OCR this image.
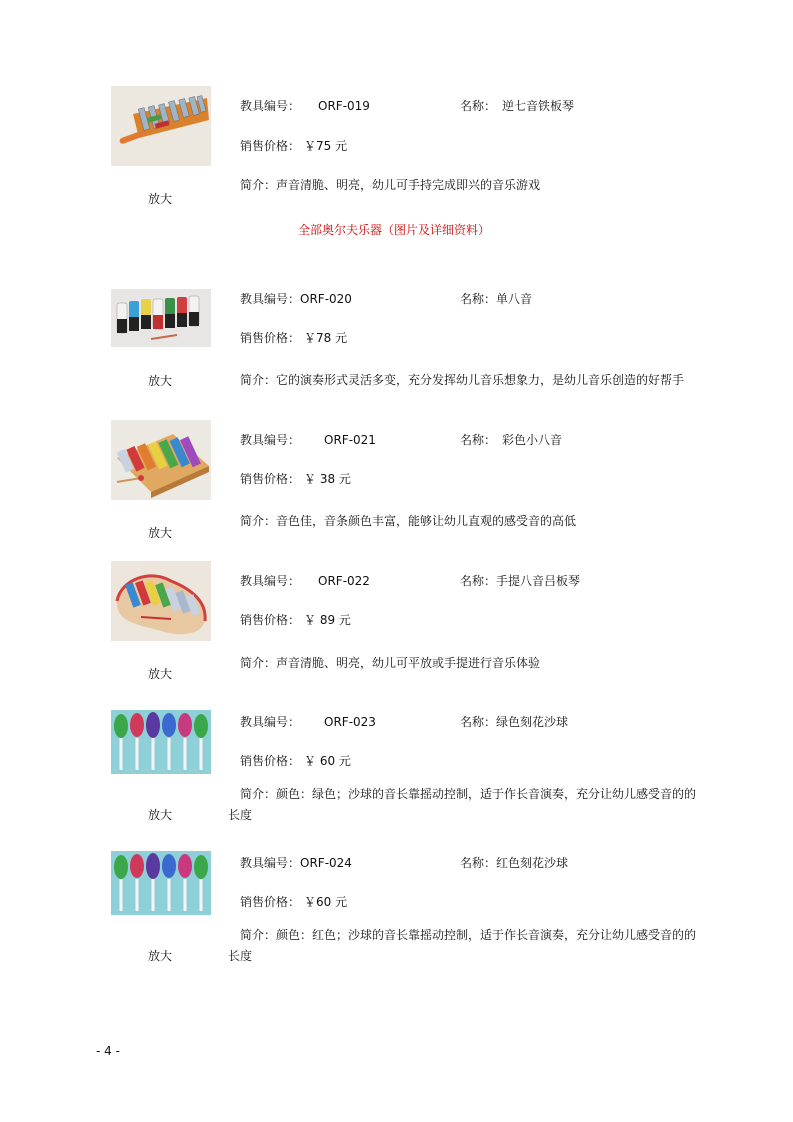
放大
教具编号： ORF-019	名称： 逆七音铁板琴
销售价格： ￥75 元
简介：声音清脆、明亮，幼儿可手持完成即兴的音乐游戏
全部奥尔夫乐器（图片及详细资料）
放大
教具编号：ORF-020	名称：单八音
销售价格： ￥78 元
简介：它的演奏形式灵活多变，充分发挥幼儿音乐想象力，是幼儿音乐创造的好帮手
放大
教具编号： ORF-021	名称： 彩色小八音
销售价格： ￥ 38 元
简介：音色佳，音条颜色丰富，能够让幼儿直观的感受音的高低
放大
教具编号： ORF-022	名称：手提八音吕板琴
销售价格： ￥ 89 元
简介：声音清脆、明亮，幼儿可平放或手提进行音乐体验
放大
教具编号： ORF-023	名称：绿色刻花沙球
销售价格： ￥ 60 元
简介：颜色：绿色；沙球的音长靠摇动控制，适于作长音演奏，充分让幼儿感受音的的长度
放大
教具编号：ORF-024	名称：红色刻花沙球
销售价格： ￥60 元
简介：颜色：红色；沙球的音长靠摇动控制，适于作长音演奏，充分让幼儿感受音的的长度
- 4 -
